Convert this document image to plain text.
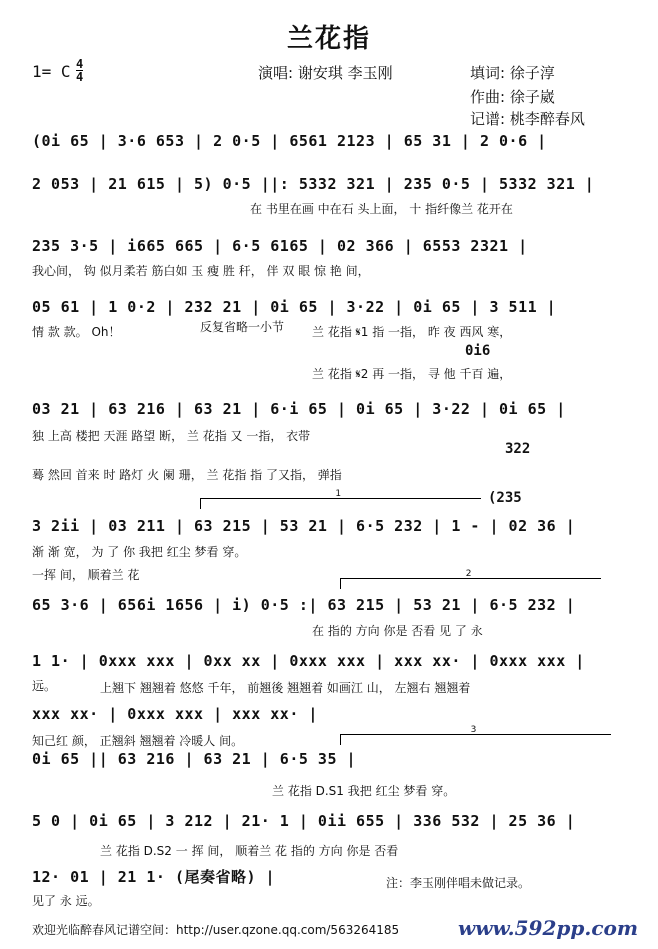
兰花指
1= C 4
4	演唱: 谢安琪 李玉刚	填词: 徐子淳
作曲: 徐子崴
记谱: 桃李醉春风
(0i 65 | 3·6 653 | 2 0·5 | 6561 2123 | 65 31 | 2 0·6 |
2 053 | 21 615 | 5) 0·5 ||: 5332 321 | 235 0·5 | 5332 321 |
235 3·5 | i665 665 | 6·5 6165 | 02 366 | 6553 2321 |
05 61 | 1 0·2 | 232 21 | 0i 65 | 3·22 | 0i 65 | 3 511 |
03 21 | 63 216 | 63 21 | 6·i 65 | 0i 65 | 3·22 | 0i 65 |
3 2ii | 03 211 | 63 215 | 53 21 | 6·5 232 | 1 - | 02 36 |
65 3·6 | 656i 1656 | i) 0·5 :| 63 215 | 53 21 | 6·5 232 |
1 1· | 0xxx xxx | 0xx xx | 0xxx xxx | xxx xx· | 0xxx xxx |
xxx xx· | 0xxx xxx | xxx xx· |
0i 65 || 63 216 | 63 21 | 6·5 35 |
5 0 | 0i 65 | 3 212 | 21· 1 | 0ii 655 | 336 532 | 25 36 |
12· 01 | 21 1· (尾奏省略) |
0i6
322
(235
在 书里在画 中在石 头上面， 十 指纤像兰 花开在
我心间， 钩 似月柔若 筋白如 玉 瘦 胜 秆， 伴 双 眼 惊 艳 间，
情 款 款。 Oh！	反复省略一小节 兰 花指 𝄋1 指 一指， 昨 夜 西风 寒，
兰 花指 𝄋2 再 一指， 寻 他 千百 遍，
独 上高 楼把 天涯 路望 断， 兰 花指 又 一指， 衣带
蓦 然回 首来 时 路灯 火 阑 珊， 兰 花指 指 了又指， 弹指
渐 渐 宽， 为 了 你 我把 红尘 梦看 穿。
一挥 间， 顺着兰 花
在 指的 方向 你是 否看 见 了 永
远。	上翘下 翘翘着 悠悠 千年， 前翘後 翘翘着 如画江 山， 左翘右 翘翘着
知己红 颜， 正翘斜 翘翘着 冷暖人 间。
兰 花指 D.S1 我把 红尘 梦看 穿。
兰 花指 D.S2 一 挥 间， 顺着兰 花 指的 方向 你是 否看
见了 永 远。
1
2
3
注：李玉刚伴唱未做记录。
欢迎光临醉春风记谱空间：http://user.qzone.qq.com/563264185	www.592pp.com
